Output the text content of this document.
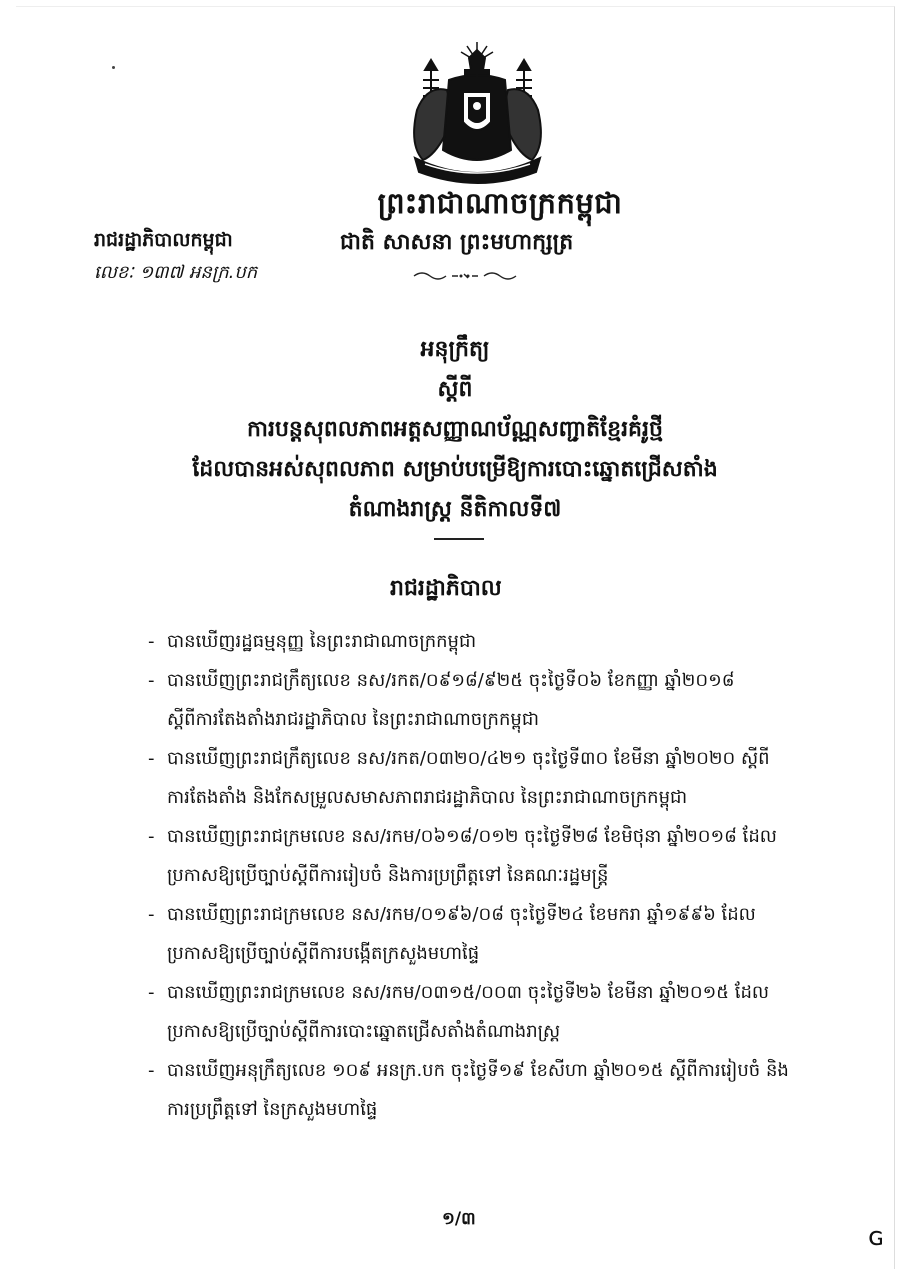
ព្រះរាជាណាចក្រកម្ពុជា
ជាតិ សាសនា ព្រះមហាក្សត្រ
រាជរដ្ឋាភិបាលកម្ពុជា
លេខៈ ១៣៧ អនក្រ.បក
អនុក្រឹត្យ
ស្តីពី
ការបន្តសុពលភាពអត្តសញ្ញាណប័ណ្ណសញ្ជាតិខ្មែរគំរូថ្មី
ដែលបានអស់សុពលភាព សម្រាប់បម្រើឱ្យការបោះឆ្នោតជ្រើសតាំង
តំណាងរាស្ត្រ នីតិកាលទី៧
រាជរដ្ឋាភិបាល
- បានឃើញរដ្ឋធម្មនុញ្ញ នៃព្រះរាជាណាចក្រកម្ពុជា
- បានឃើញព្រះរាជក្រឹត្យលេខ នស/រកត/០៩១៨/៩២៥ ចុះថ្ងៃទី០៦ ខែកញ្ញា ឆ្នាំ២០១៨
ស្តីពីការតែងតាំងរាជរដ្ឋាភិបាល នៃព្រះរាជាណាចក្រកម្ពុជា
- បានឃើញព្រះរាជក្រឹត្យលេខ នស/រកត/០៣២០/៤២១ ចុះថ្ងៃទី៣០ ខែមីនា ឆ្នាំ២០២០ ស្តីពី
ការតែងតាំង និងកែសម្រួលសមាសភាពរាជរដ្ឋាភិបាល នៃព្រះរាជាណាចក្រកម្ពុជា
- បានឃើញព្រះរាជក្រមលេខ នស/រកម/០៦១៨/០១២ ចុះថ្ងៃទី២៨ ខែមិថុនា ឆ្នាំ២០១៨ ដែល
ប្រកាសឱ្យប្រើច្បាប់ស្តីពីការរៀបចំ និងការប្រព្រឹត្តទៅ នៃគណៈរដ្ឋមន្ត្រី
- បានឃើញព្រះរាជក្រមលេខ នស/រកម/០១៩៦/០៨ ចុះថ្ងៃទី២៤ ខែមករា ឆ្នាំ១៩៩៦ ដែល
ប្រកាសឱ្យប្រើច្បាប់ស្តីពីការបង្កើតក្រសួងមហាផ្ទៃ
- បានឃើញព្រះរាជក្រមលេខ នស/រកម/០៣១៥/០០៣ ចុះថ្ងៃទី២៦ ខែមីនា ឆ្នាំ២០១៥ ដែល
ប្រកាសឱ្យប្រើច្បាប់ស្តីពីការបោះឆ្នោតជ្រើសតាំងតំណាងរាស្ត្រ
- បានឃើញអនុក្រឹត្យលេខ ១០៩ អនក្រ.បក ចុះថ្ងៃទី១៩ ខែសីហា ឆ្នាំ២០១៥ ស្តីពីការរៀបចំ និង
ការប្រព្រឹត្តទៅ នៃក្រសួងមហាផ្ទៃ
១/៣
ɢ
